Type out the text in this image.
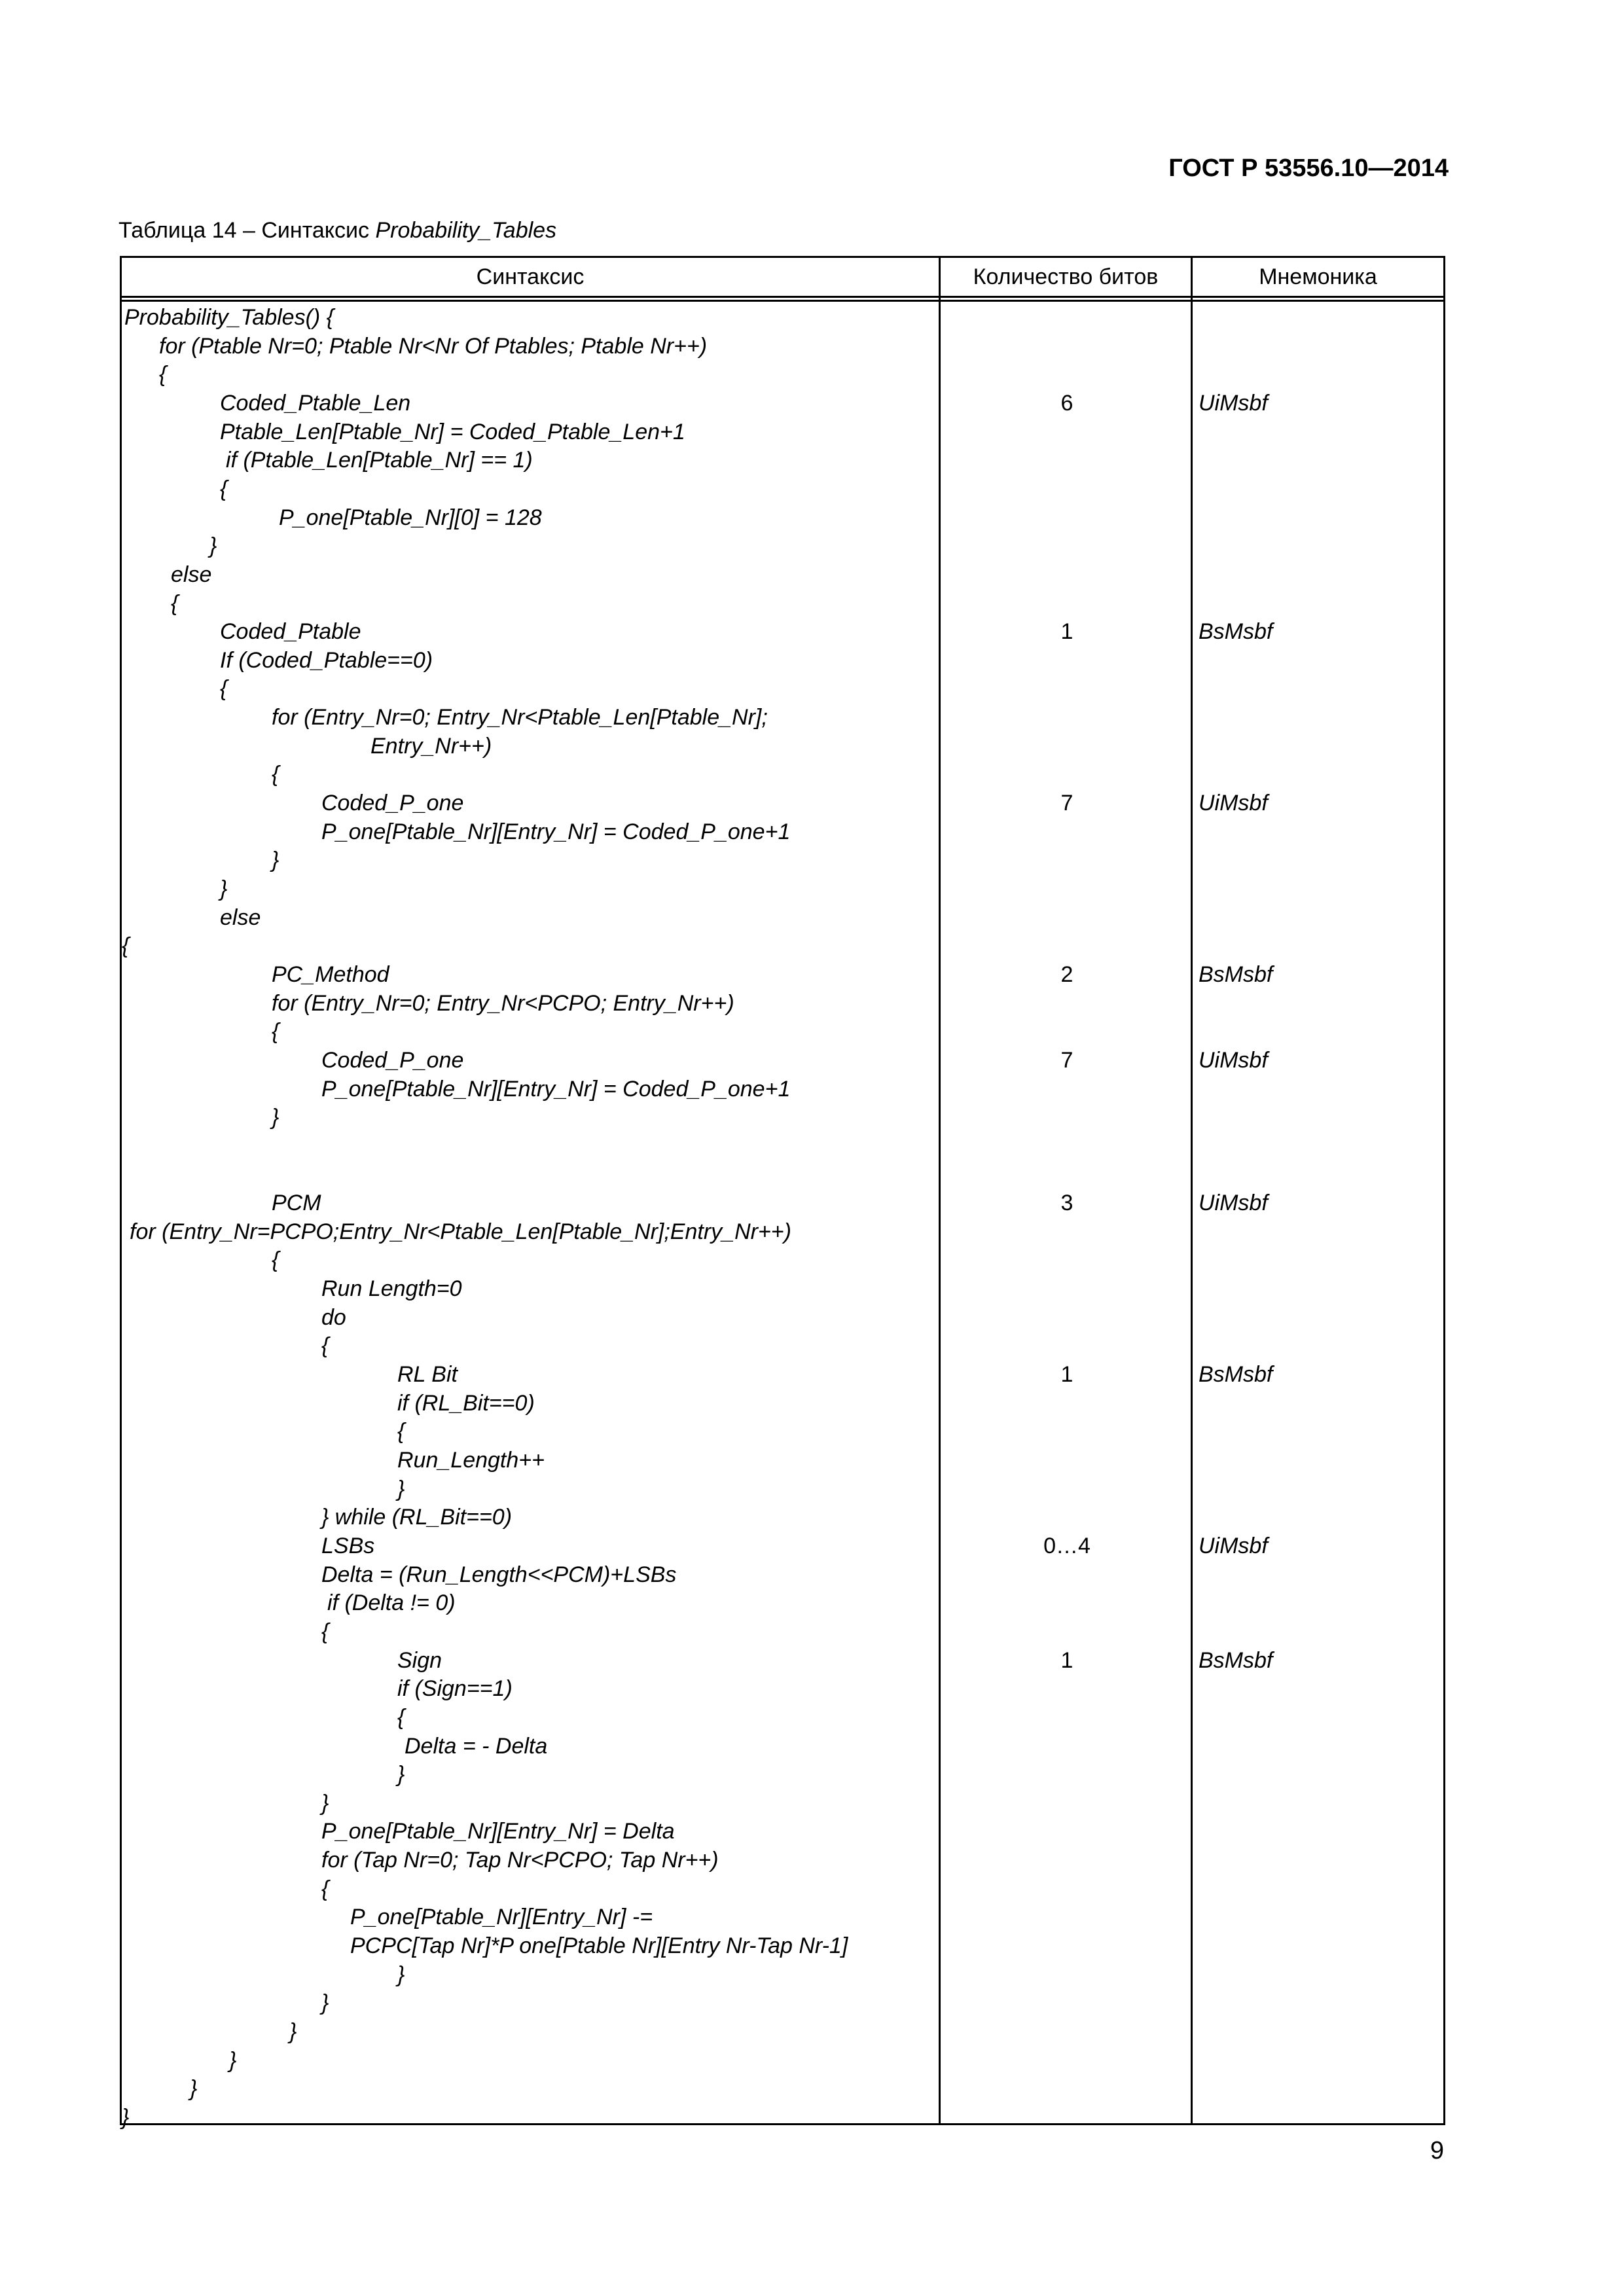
ГОСТ Р 53556.10—2014
Таблица 14 – Синтаксис Probability_Tables
Синтаксис	Количество битов	Мнемоника
Probability_Tables() {
for (Ptable Nr=0; Ptable Nr<Nr Of Ptables; Ptable Nr++)
{
Coded_Ptable_Len	6	UiMsbf
Ptable_Len[Ptable_Nr] = Coded_Ptable_Len+1
if (Ptable_Len[Ptable_Nr] == 1)
{
P_one[Ptable_Nr][0] = 128
}
else
{
Coded_Ptable	1	BsMsbf
If (Coded_Ptable==0)
{
for (Entry_Nr=0; Entry_Nr<Ptable_Len[Ptable_Nr];
Entry_Nr++)
{
Coded_P_one	7	UiMsbf
P_one[Ptable_Nr][Entry_Nr] = Coded_P_one+1
}
}
else
{
PC_Method	2	BsMsbf
for (Entry_Nr=0; Entry_Nr<PCPO; Entry_Nr++)
{
Coded_P_one	7	UiMsbf
P_one[Ptable_Nr][Entry_Nr] = Coded_P_one+1
}
PCM	3	UiMsbf
for (Entry_Nr=PCPO;Entry_Nr<Ptable_Len[Ptable_Nr];Entry_Nr++)
{
Run Length=0
do
{
RL Bit	1	BsMsbf
if (RL_Bit==0)
{
Run_Length++
}
} while (RL_Bit==0)
LSBs	0…4	UiMsbf
Delta = (Run_Length<<PCM)+LSBs
if (Delta != 0)
{
Sign	1	BsMsbf
if (Sign==1)
{
Delta = - Delta
}
}
P_one[Ptable_Nr][Entry_Nr] = Delta
for (Tap Nr=0; Tap Nr<PCPO; Tap Nr++)
{
P_one[Ptable_Nr][Entry_Nr] -=
PCPC[Tap Nr]*P one[Ptable Nr][Entry Nr-Tap Nr-1]
}
}
}
}
}
}
9
